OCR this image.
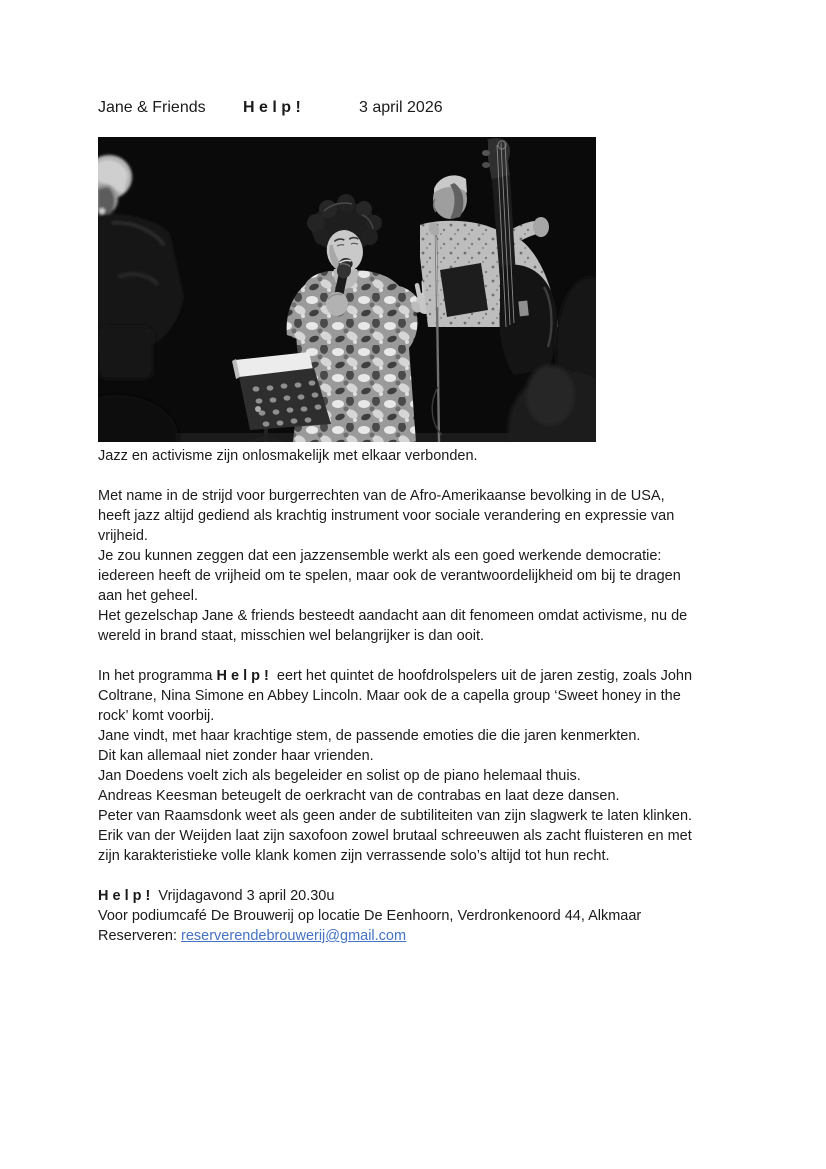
Jane & Friends H e l p !	3 april 2026
Jazz en activisme zijn onlosmakelijk met elkaar verbonden.
Met name in de strijd voor burgerrechten van de Afro-Amerikaanse bevolking in de USA,
heeft jazz altijd gediend als krachtig instrument voor sociale verandering en expressie van
vrijheid.
Je zou kunnen zeggen dat een jazzensemble werkt als een goed werkende democratie:
iedereen heeft de vrijheid om te spelen, maar ook de verantwoordelijkheid om bij te dragen
aan het geheel.
Het gezelschap Jane & friends besteedt aandacht aan dit fenomeen omdat activisme, nu de
wereld in brand staat, misschien wel belangrijker is dan ooit.
In het programma H e l p !  eert het quintet de hoofdrolspelers uit de jaren zestig, zoals John
Coltrane, Nina Simone en Abbey Lincoln. Maar ook de a capella group ‘Sweet honey in the
rock’ komt voorbij.
Jane vindt, met haar krachtige stem, de passende emoties die die jaren kenmerkten.
Dit kan allemaal niet zonder haar vrienden.
Jan Doedens voelt zich als begeleider en solist op de piano helemaal thuis.
Andreas Keesman beteugelt de oerkracht van de contrabas en laat deze dansen.
Peter van Raamsdonk weet als geen ander de subtiliteiten van zijn slagwerk te laten klinken.
Erik van der Weijden laat zijn saxofoon zowel brutaal schreeuwen als zacht fluisteren en met
zijn karakteristieke volle klank komen zijn verrassende solo’s altijd tot hun recht.
H e l p !  Vrijdagavond 3 april 20.30u
Voor podiumcafé De Brouwerij op locatie De Eenhoorn, Verdronkenoord 44, Alkmaar
Reserveren: reserverendebrouwerij@gmail.com
